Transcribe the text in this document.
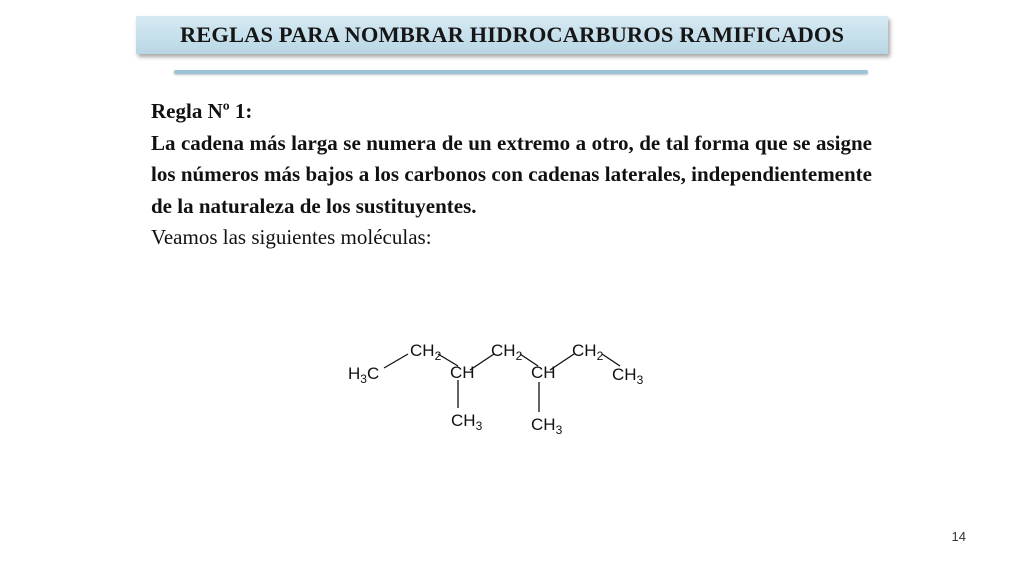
REGLAS PARA NOMBRAR HIDROCARBUROS RAMIFICADOS

Regla Nº 1:

La cadena más larga se numera de un extremo a otro, de tal forma que se asigne los números más bajos a los carbonos con cadenas laterales, independientemente de la naturaleza de los sustituyentes.

Veamos las siguientes moléculas:

$H_3C$
$CH_2$
CH
$CH_2$
CH
$CH_2$
$CH_3$
$CH_3$	$CH_3$
14
